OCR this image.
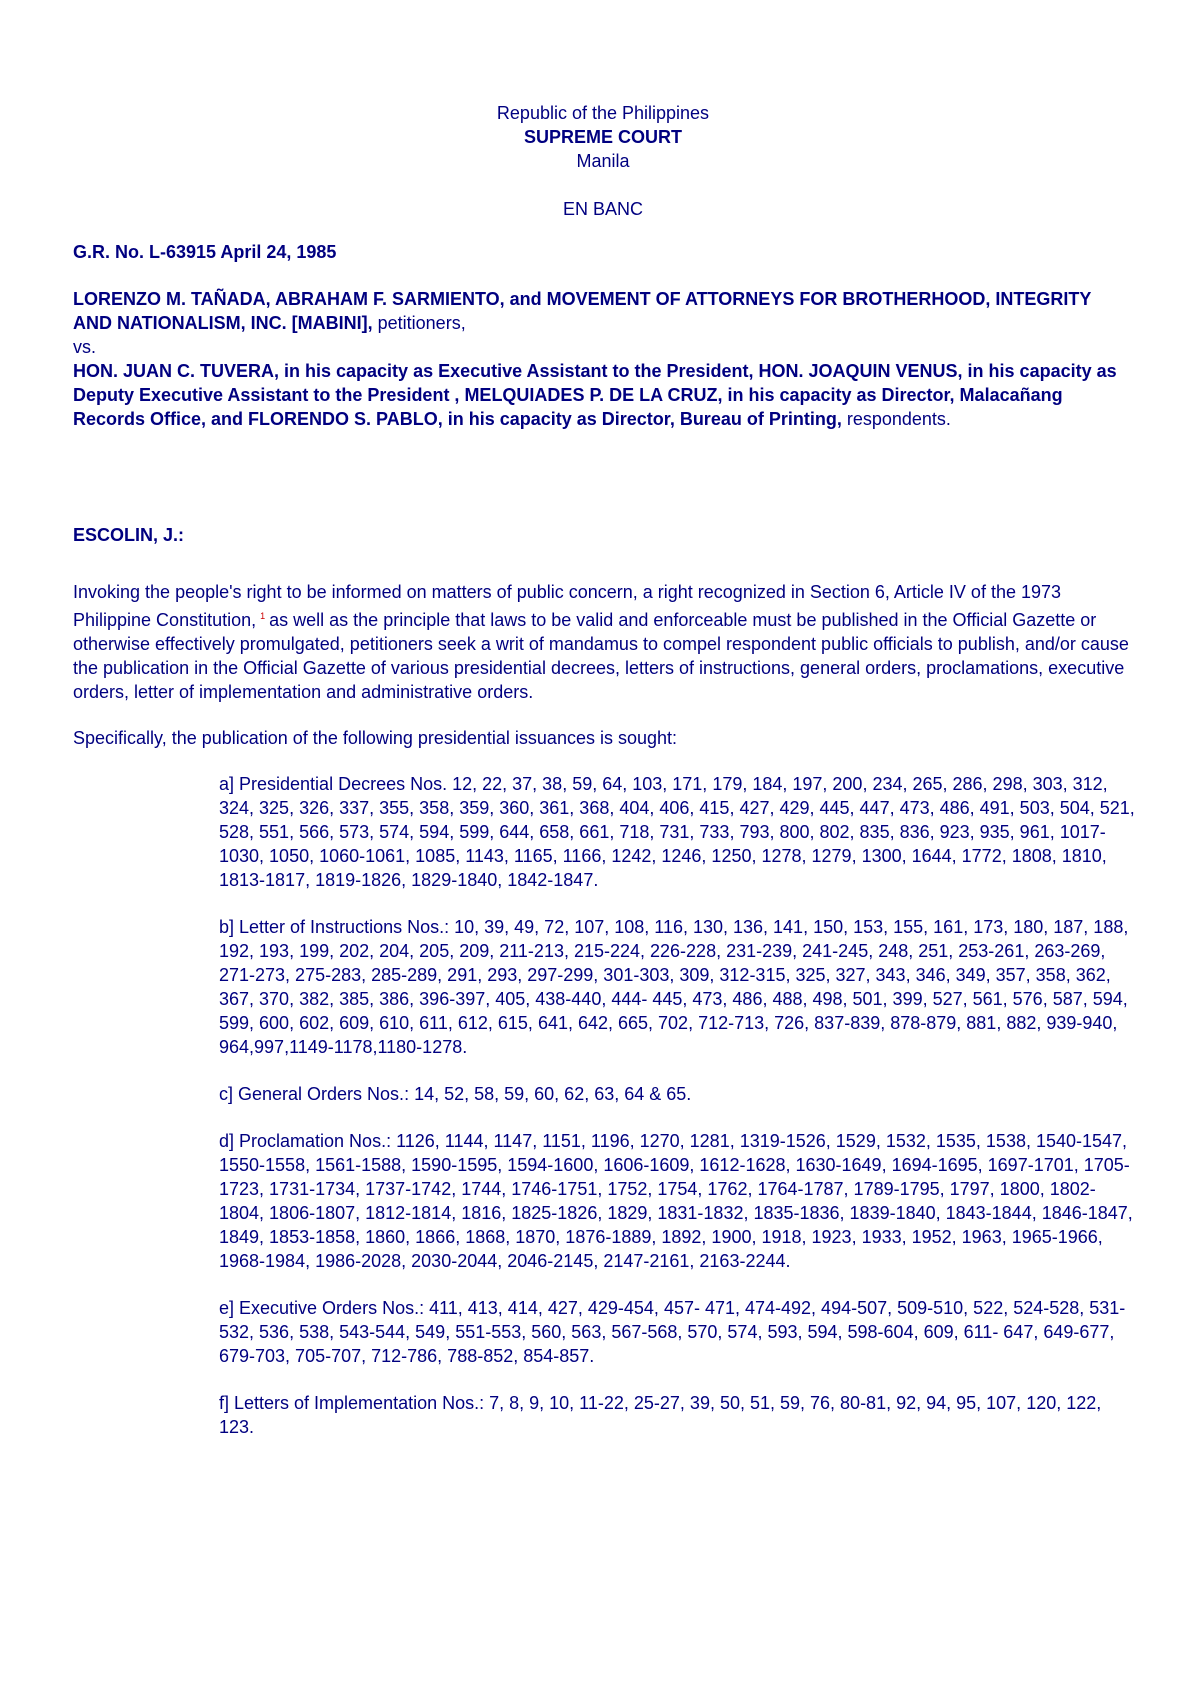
Republic of the Philippines
SUPREME COURT
Manila
EN BANC
G.R. No. L-63915 April 24, 1985
LORENZO M. TAÑADA, ABRAHAM F. SARMIENTO, and MOVEMENT OF ATTORNEYS FOR BROTHERHOOD, INTEGRITY AND NATIONALISM, INC. [MABINI], petitioners,
vs.
HON. JUAN C. TUVERA, in his capacity as Executive Assistant to the President, HON. JOAQUIN VENUS, in his capacity as Deputy Executive Assistant to the President , MELQUIADES P. DE LA CRUZ, in his capacity as Director, Malacañang Records Office, and FLORENDO S. PABLO, in his capacity as Director, Bureau of Printing, respondents.
ESCOLIN, J.:
Invoking the people's right to be informed on matters of public concern, a right recognized in Section 6, Article IV of the 1973 Philippine Constitution, $^1$ as well as the principle that laws to be valid and enforceable must be published in the Official Gazette or otherwise effectively promulgated, petitioners seek a writ of mandamus to compel respondent public officials to publish, and/or cause the publication in the Official Gazette of various presidential decrees, letters of instructions, general orders, proclamations, executive orders, letter of implementation and administrative orders.
Specifically, the publication of the following presidential issuances is sought:
a] Presidential Decrees Nos. 12, 22, 37, 38, 59, 64, 103, 171, 179, 184, 197, 200, 234, 265, 286, 298, 303, 312, 324, 325, 326, 337, 355, 358, 359, 360, 361, 368, 404, 406, 415, 427, 429, 445, 447, 473, 486, 491, 503, 504, 521, 528, 551, 566, 573, 574, 594, 599, 644, 658, 661, 718, 731, 733, 793, 800, 802, 835, 836, 923, 935, 961, 1017-1030, 1050, 1060-1061, 1085, 1143, 1165, 1166, 1242, 1246, 1250, 1278, 1279, 1300, 1644, 1772, 1808, 1810, 1813-1817, 1819-1826, 1829-1840, 1842-1847.
b] Letter of Instructions Nos.: 10, 39, 49, 72, 107, 108, 116, 130, 136, 141, 150, 153, 155, 161, 173, 180, 187, 188, 192, 193, 199, 202, 204, 205, 209, 211-213, 215-224, 226-228, 231-239, 241-245, 248, 251, 253-261, 263-269, 271-273, 275-283, 285-289, 291, 293, 297-299, 301-303, 309, 312-315, 325, 327, 343, 346, 349, 357, 358, 362, 367, 370, 382, 385, 386, 396-397, 405, 438-440, 444- 445, 473, 486, 488, 498, 501, 399, 527, 561, 576, 587, 594, 599, 600, 602, 609, 610, 611, 612, 615, 641, 642, 665, 702, 712-713, 726, 837-839, 878-879, 881, 882, 939-940, 964,997,1149-1178,1180-1278.
c] General Orders Nos.: 14, 52, 58, 59, 60, 62, 63, 64 & 65.
d] Proclamation Nos.: 1126, 1144, 1147, 1151, 1196, 1270, 1281, 1319-1526, 1529, 1532, 1535, 1538, 1540-1547, 1550-1558, 1561-1588, 1590-1595, 1594-1600, 1606-1609, 1612-1628, 1630-1649, 1694-1695, 1697-1701, 1705-1723, 1731-1734, 1737-1742, 1744, 1746-1751, 1752, 1754, 1762, 1764-1787, 1789-1795, 1797, 1800, 1802-1804, 1806-1807, 1812-1814, 1816, 1825-1826, 1829, 1831-1832, 1835-1836, 1839-1840, 1843-1844, 1846-1847, 1849, 1853-1858, 1860, 1866, 1868, 1870, 1876-1889, 1892, 1900, 1918, 1923, 1933, 1952, 1963, 1965-1966, 1968-1984, 1986-2028, 2030-2044, 2046-2145, 2147-2161, 2163-2244.
e] Executive Orders Nos.: 411, 413, 414, 427, 429-454, 457- 471, 474-492, 494-507, 509-510, 522, 524-528, 531-532, 536, 538, 543-544, 549, 551-553, 560, 563, 567-568, 570, 574, 593, 594, 598-604, 609, 611- 647, 649-677, 679-703, 705-707, 712-786, 788-852, 854-857.
f] Letters of Implementation Nos.: 7, 8, 9, 10, 11-22, 25-27, 39, 50, 51, 59, 76, 80-81, 92, 94, 95, 107, 120, 122, 123.
